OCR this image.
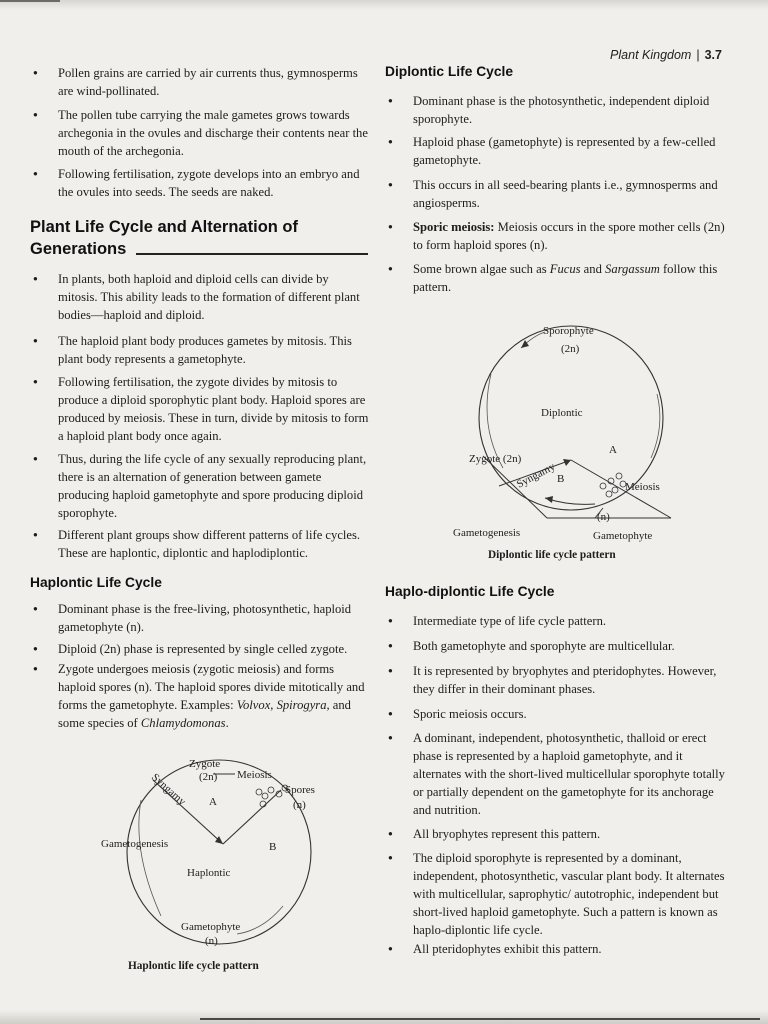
Plant Kingdom | 3.7
● Pollen grains are carried by air currents thus, gymnosperms are wind-pollinated.
● The pollen tube carrying the male gametes grows towards archegonia in the ovules and discharge their contents near the mouth of the archegonia.
● Following fertilisation, zygote develops into an embryo and the ovules into seeds. The seeds are naked.
Plant Life Cycle and Alternation of
Generations
● In plants, both haploid and diploid cells can divide by mitosis. This ability leads to the formation of different plant bodies—haploid and diploid.
● The haploid plant body produces gametes by mitosis. This plant body represents a gametophyte.
● Following fertilisation, the zygote divides by mitosis to produce a diploid sporophytic plant body. Haploid spores are produced by meiosis. These in turn, divide by mitosis to form a haploid plant body once again.
● Thus, during the life cycle of any sexually reproducing plant, there is an alternation of generation between gamete producing haploid gametophyte and spore producing diploid sporophyte.
● Different plant groups show different patterns of life cycles. These are haplontic, diplontic and haplodiplontic.
Haplontic Life Cycle
● Dominant phase is the free-living, photosynthetic, haploid gametophyte (n).
● Diploid (2n) phase is represented by single celled zygote.
● Zygote undergoes meiosis (zygotic meiosis) and forms haploid spores (n). The haploid spores divide mitotically and forms the gametophyte. Examples: Volvox, Spirogyra, and some species of Chlamydomonas.
Zygote
(2n) Meiosis
Spores
(n)
Syngamy A
B
Gametogenesis
Haplontic
Gametophyte
(n)
Haplontic life cycle pattern
Diplontic Life Cycle
● Dominant phase is the photosynthetic, independent diploid sporophyte.
● Haploid phase (gametophyte) is represented by a few-celled gametophyte.
● This occurs in all seed-bearing plants i.e., gymnosperms and angiosperms.
● Sporic meiosis: Meiosis occurs in the spore mother cells (2n) to form haploid spores (n).
● Some brown algae such as Fucus and Sargassum follow this pattern.
Haplo-diplontic Life Cycle
● Intermediate type of life cycle pattern.
● Both gametophyte and sporophyte are multicellular.
● It is represented by bryophytes and pteridophytes. However, they differ in their dominant phases.
● Sporic meiosis occurs.
● A dominant, independent, photosynthetic, thalloid or erect phase is represented by a haploid gametophyte, and it alternates with the short-lived multicellular sporophyte totally or partially dependent on the gametophyte for its anchorage and nutrition.
● All bryophytes represent this pattern.
● The diploid sporophyte is represented by a dominant, independent, photosynthetic, vascular plant body. It alternates with multicellular, saprophytic/ autotrophic, independent but short-lived haploid gametophyte. Such a pattern is known as haplo-diplontic life cycle.
● All pteridophytes exhibit this pattern.
Sporophyte
(2n)
Diplontic
A
Zygote (2n)
Syngamy B
Meiosis
(n)
Gametogenesis	Gametophyte
Diplontic life cycle pattern
